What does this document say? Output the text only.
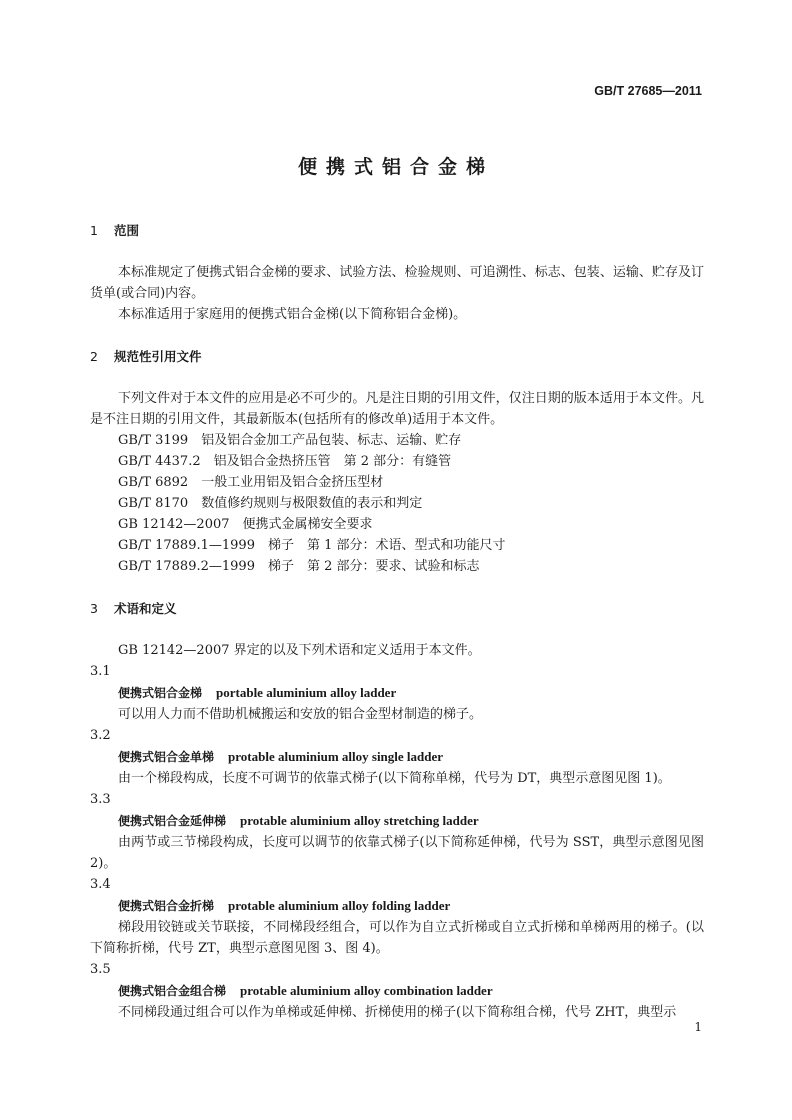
GB/T 27685—2011
便携式铝合金梯
1 范围

本标准规定了便携式铝合金梯的要求、试验方法、检验规则、可追溯性、标志、包装、运输、贮存及订货单(或合同)内容。

本标准适用于家庭用的便携式铝合金梯(以下简称铝合金梯)。

2 规范性引用文件

下列文件对于本文件的应用是必不可少的。凡是注日期的引用文件，仅注日期的版本适用于本文件。凡是不注日期的引用文件，其最新版本(包括所有的修改单)适用于本文件。

GB/T 3199　铝及铝合金加工产品包装、标志、运输、贮存

GB/T 4437.2　铝及铝合金热挤压管　第 2 部分：有缝管

GB/T 6892　一般工业用铝及铝合金挤压型材

GB/T 8170　数值修约规则与极限数值的表示和判定

GB 12142—2007　便携式金属梯安全要求

GB/T 17889.1—1999　梯子　第 1 部分：术语、型式和功能尺寸

GB/T 17889.2—1999　梯子　第 2 部分：要求、试验和标志

3 术语和定义

GB 12142—2007 界定的以及下列术语和定义适用于本文件。

3.1

便携式铝合金梯 portable aluminium alloy ladder

可以用人力而不借助机械搬运和安放的铝合金型材制造的梯子。

3.2

便携式铝合金单梯 protable aluminium alloy single ladder

由一个梯段构成，长度不可调节的依靠式梯子(以下简称单梯，代号为 DT，典型示意图见图 1)。

3.3

便携式铝合金延伸梯 protable aluminium alloy stretching ladder

由两节或三节梯段构成，长度可以调节的依靠式梯子(以下简称延伸梯，代号为 SST，典型示意图见图 2)。

3.4

便携式铝合金折梯 protable aluminium alloy folding ladder

梯段用铰链或关节联接，不同梯段经组合，可以作为自立式折梯或自立式折梯和单梯两用的梯子。(以下简称折梯，代号 ZT，典型示意图见图 3、图 4)。

3.5

便携式铝合金组合梯 protable aluminium alloy combination ladder

不同梯段通过组合可以作为单梯或延伸梯、折梯使用的梯子(以下简称组合梯，代号 ZHT，典型示

1
